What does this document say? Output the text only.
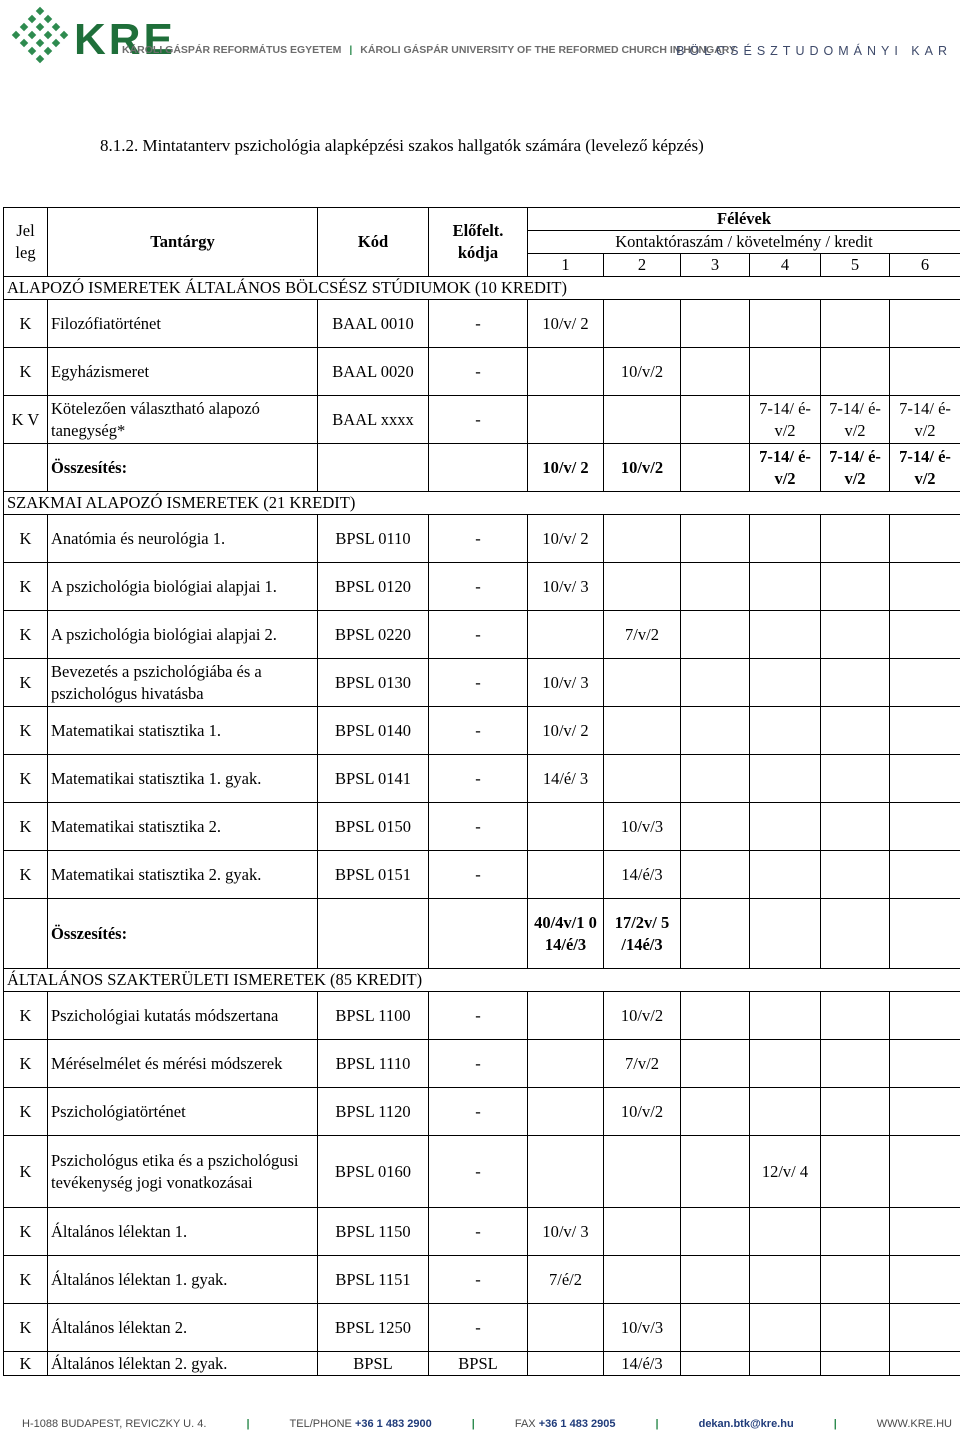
KRE
KÁROLI GÁSPÁR REFORMÁTUS EGYETEM | KÁROLI GÁSPÁR UNIVERSITY OF THE REFORMED CHURCH IN HUNGARY
BÖLCSÉSZTUDOMÁNYI KAR
8.1.2. Mintatanterv pszichológia alapképzési szakos hallgatók számára (levelező képzés)
Jel leg	Tantárgy	Kód	Előfelt. kódja	Félévek					
				Kontaktóraszám / követelmény / kredit					
				1	2	3	4	5	6
ALAPOZÓ ISMERETEK ÁLTALÁNOS BÖLCSÉSZ STÚDIUMOK (10 KREDIT)									
K	Filozófiatörténet	BAAL 0010	-	10/v/ 2					
K	Egyházismeret	BAAL 0020	-		10/v/2				
K V	Kötelezően választható alapozó tanegység*	BAAL xxxx	-				7-14/ é-v/2	7-14/ é-v/2	7-14/ é-v/2
	Összesítés:			10/v/ 2	10/v/2		7-14/ é-v/2	7-14/ é-v/2	7-14/ é-v/2
SZAKMAI ALAPOZÓ ISMERETEK (21 KREDIT)									
K	Anatómia és neurológia 1.	BPSL 0110	-	10/v/ 2					
K	A pszichológia biológiai alapjai 1.	BPSL 0120	-	10/v/ 3					
K	A pszichológia biológiai alapjai 2.	BPSL 0220	-		7/v/2				
K	Bevezetés a pszichológiába és a pszichológus hivatásba	BPSL 0130	-	10/v/ 3					
K	Matematikai statisztika 1.	BPSL 0140	-	10/v/ 2					
K	Matematikai statisztika 1. gyak.	BPSL 0141	-	14/é/ 3					
K	Matematikai statisztika 2.	BPSL 0150	-		10/v/3				
K	Matematikai statisztika 2. gyak.	BPSL 0151	-		14/é/3				
	Összesítés:			40/4v/1 0 14/é/3	17/2v/ 5 /14é/3				
ÁLTALÁNOS SZAKTERÜLETI ISMERETEK (85 KREDIT)									
K	Pszichológiai kutatás módszertana	BPSL 1100	-		10/v/2				
K	Méréselmélet és mérési módszerek	BPSL 1110	-		7/v/2				
K	Pszichológiatörténet	BPSL 1120	-		10/v/2				
K	Pszichológus etika és a pszichológusi tevékenység jogi vonatkozásai	BPSL 0160	-				12/v/ 4		
K	Általános lélektan 1.	BPSL 1150	-	10/v/ 3					
K	Általános lélektan 1. gyak.	BPSL 1151	-	7/é/2					
K	Általános lélektan 2.	BPSL 1250	-		10/v/3				
K	Általános lélektan 2. gyak.	BPSL	BPSL		14/é/3				
H-1088 BUDAPEST, REVICZKY U. 4.	|	TEL/PHONE +36 1 483 2900	|	FAX +36 1 483 2905	|	dekan.btk@kre.hu	|	WWW.KRE.HU
